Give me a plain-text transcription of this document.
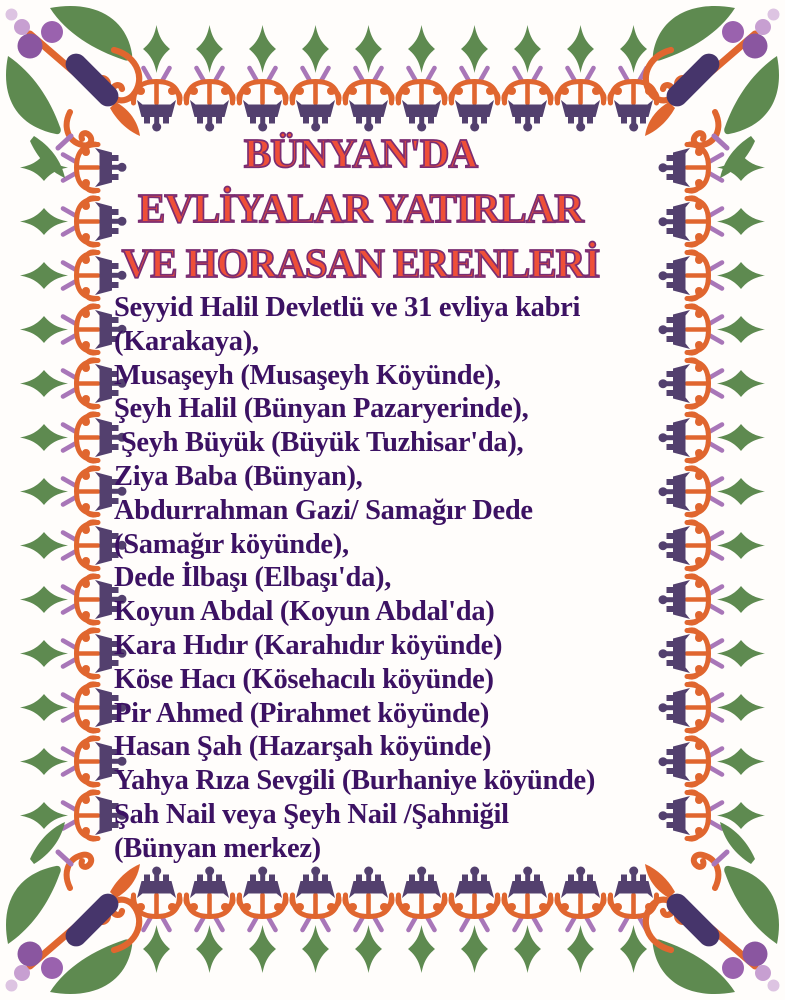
BÜNYAN'DA
EVLİYALAR YATIRLAR
VE HORASAN ERENLERİ
Seyyid Halil Devletlü ve 31 evliya kabri
(Karakaya),
Musaşeyh (Musaşeyh Köyünde),
Şeyh Halil (Bünyan Pazaryerinde),
Şeyh Büyük (Büyük Tuzhisar'da),
Ziya Baba (Bünyan),
Abdurrahman Gazi/ Samağır Dede
(Samağır köyünde),
Dede İlbaşı (Elbaşı'da),
Koyun Abdal (Koyun Abdal'da)
Kara Hıdır (Karahıdır köyünde)
Köse Hacı (Kösehacılı köyünde)
Pir Ahmed (Pirahmet köyünde)
Hasan Şah (Hazarşah köyünde)
Yahya Rıza Sevgili (Burhaniye köyünde)
Şah Nail veya Şeyh Nail /Şahniğil
(Bünyan merkez)
